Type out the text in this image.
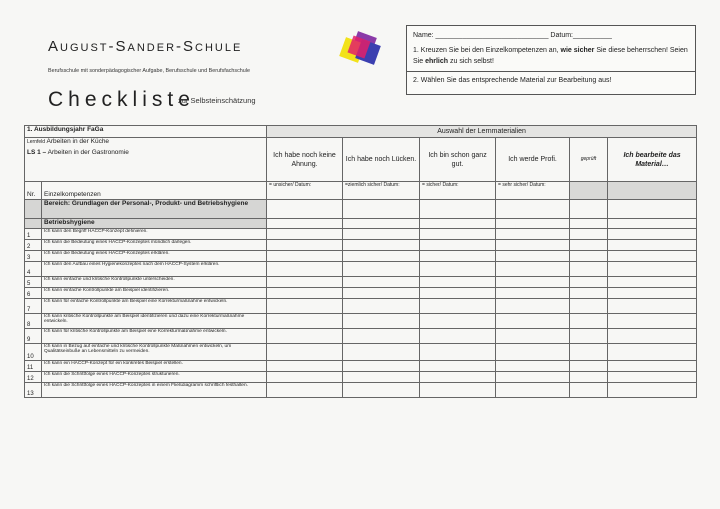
AUGUST-SANDER-SCHULE
Berufsschule mit sonderpädagogischer Aufgabe, Berufsschule und Berufsfachschule
Checkliste
zur Selbsteinschätzung
Name: _____________________________ Datum:__________
1. Kreuzen Sie bei den Einzelkompetenzen an, wie sicher Sie diese beherrschen! Seien Sie ehrlich zu sich selbst!
2. Wählen Sie das entsprechende Material zur Bearbeitung aus!
1. Ausbildungsjahr FaGa		Auswahl der Lernmaterialien					

Lernfeld Arbeiten in der Küche
LS 1 – Arbeiten in der Gastronomie		Ich habe noch keine Ahnung.	Ich habe noch Lücken.	Ich bin schon ganz gut.	Ich werde Profi.	geprüft	Ich bearbeite das Material…
Nr.	Einzelkompetenzen	= unsicher/ Datum:	=ziemlich sicher/ Datum:	= sicher/ Datum:	= sehr sicher/ Datum:		
	Bereich: Grundlagen der Personal-, Produkt- und Betriebshygiene						
	Betriebshygiene						
1	Ich kann den Begriff HACCP-Konzept definieren.						
2	Ich kann die Bedeutung eines HACCP-Konzeptes mündlich darlegen.						
3	Ich kann die Bedeutung eines HACCP-Konzeptes erklären.						
4	Ich kann den Aufbau eines Hygienekonzeptes nach dem HACCP-System erklären.						
5	Ich kann einfache und kritische Kontrollpunkte unterscheiden.						
6	Ich kann einfache Kontrollpunkte am Beispiel identifizieren.						
7	Ich kann für einfache Kontrollpunkte am Beispiel eine Korrekturmaßnahme entwickeln.						
8	Ich kann kritische Kontrollpunkte am Beispiel identifizieren und dazu eine Korrekturmaßnahme entwickeln.						
9	Ich kann für kritische Kontrollpunkte am Beispiel eine Korrekturmaßnahme entwickeln.						
10	Ich kann in Bezug auf einfache und kritische Kontrollpunkte Maßnahmen entwickeln, um Qualitätseinbuße an Lebensmitteln zu vermeiden.						
11	Ich kann ein HACCP-Konzept für ein konkretes Beispiel erstellen.						
12	Ich kann die Schrittfolge eines HACCP-Konzeptes strukturieren.						
13	Ich kann die Schrittfolge eines HACCP-Konzeptes in einem Fließdiagramm schriftlich festhalten.						
